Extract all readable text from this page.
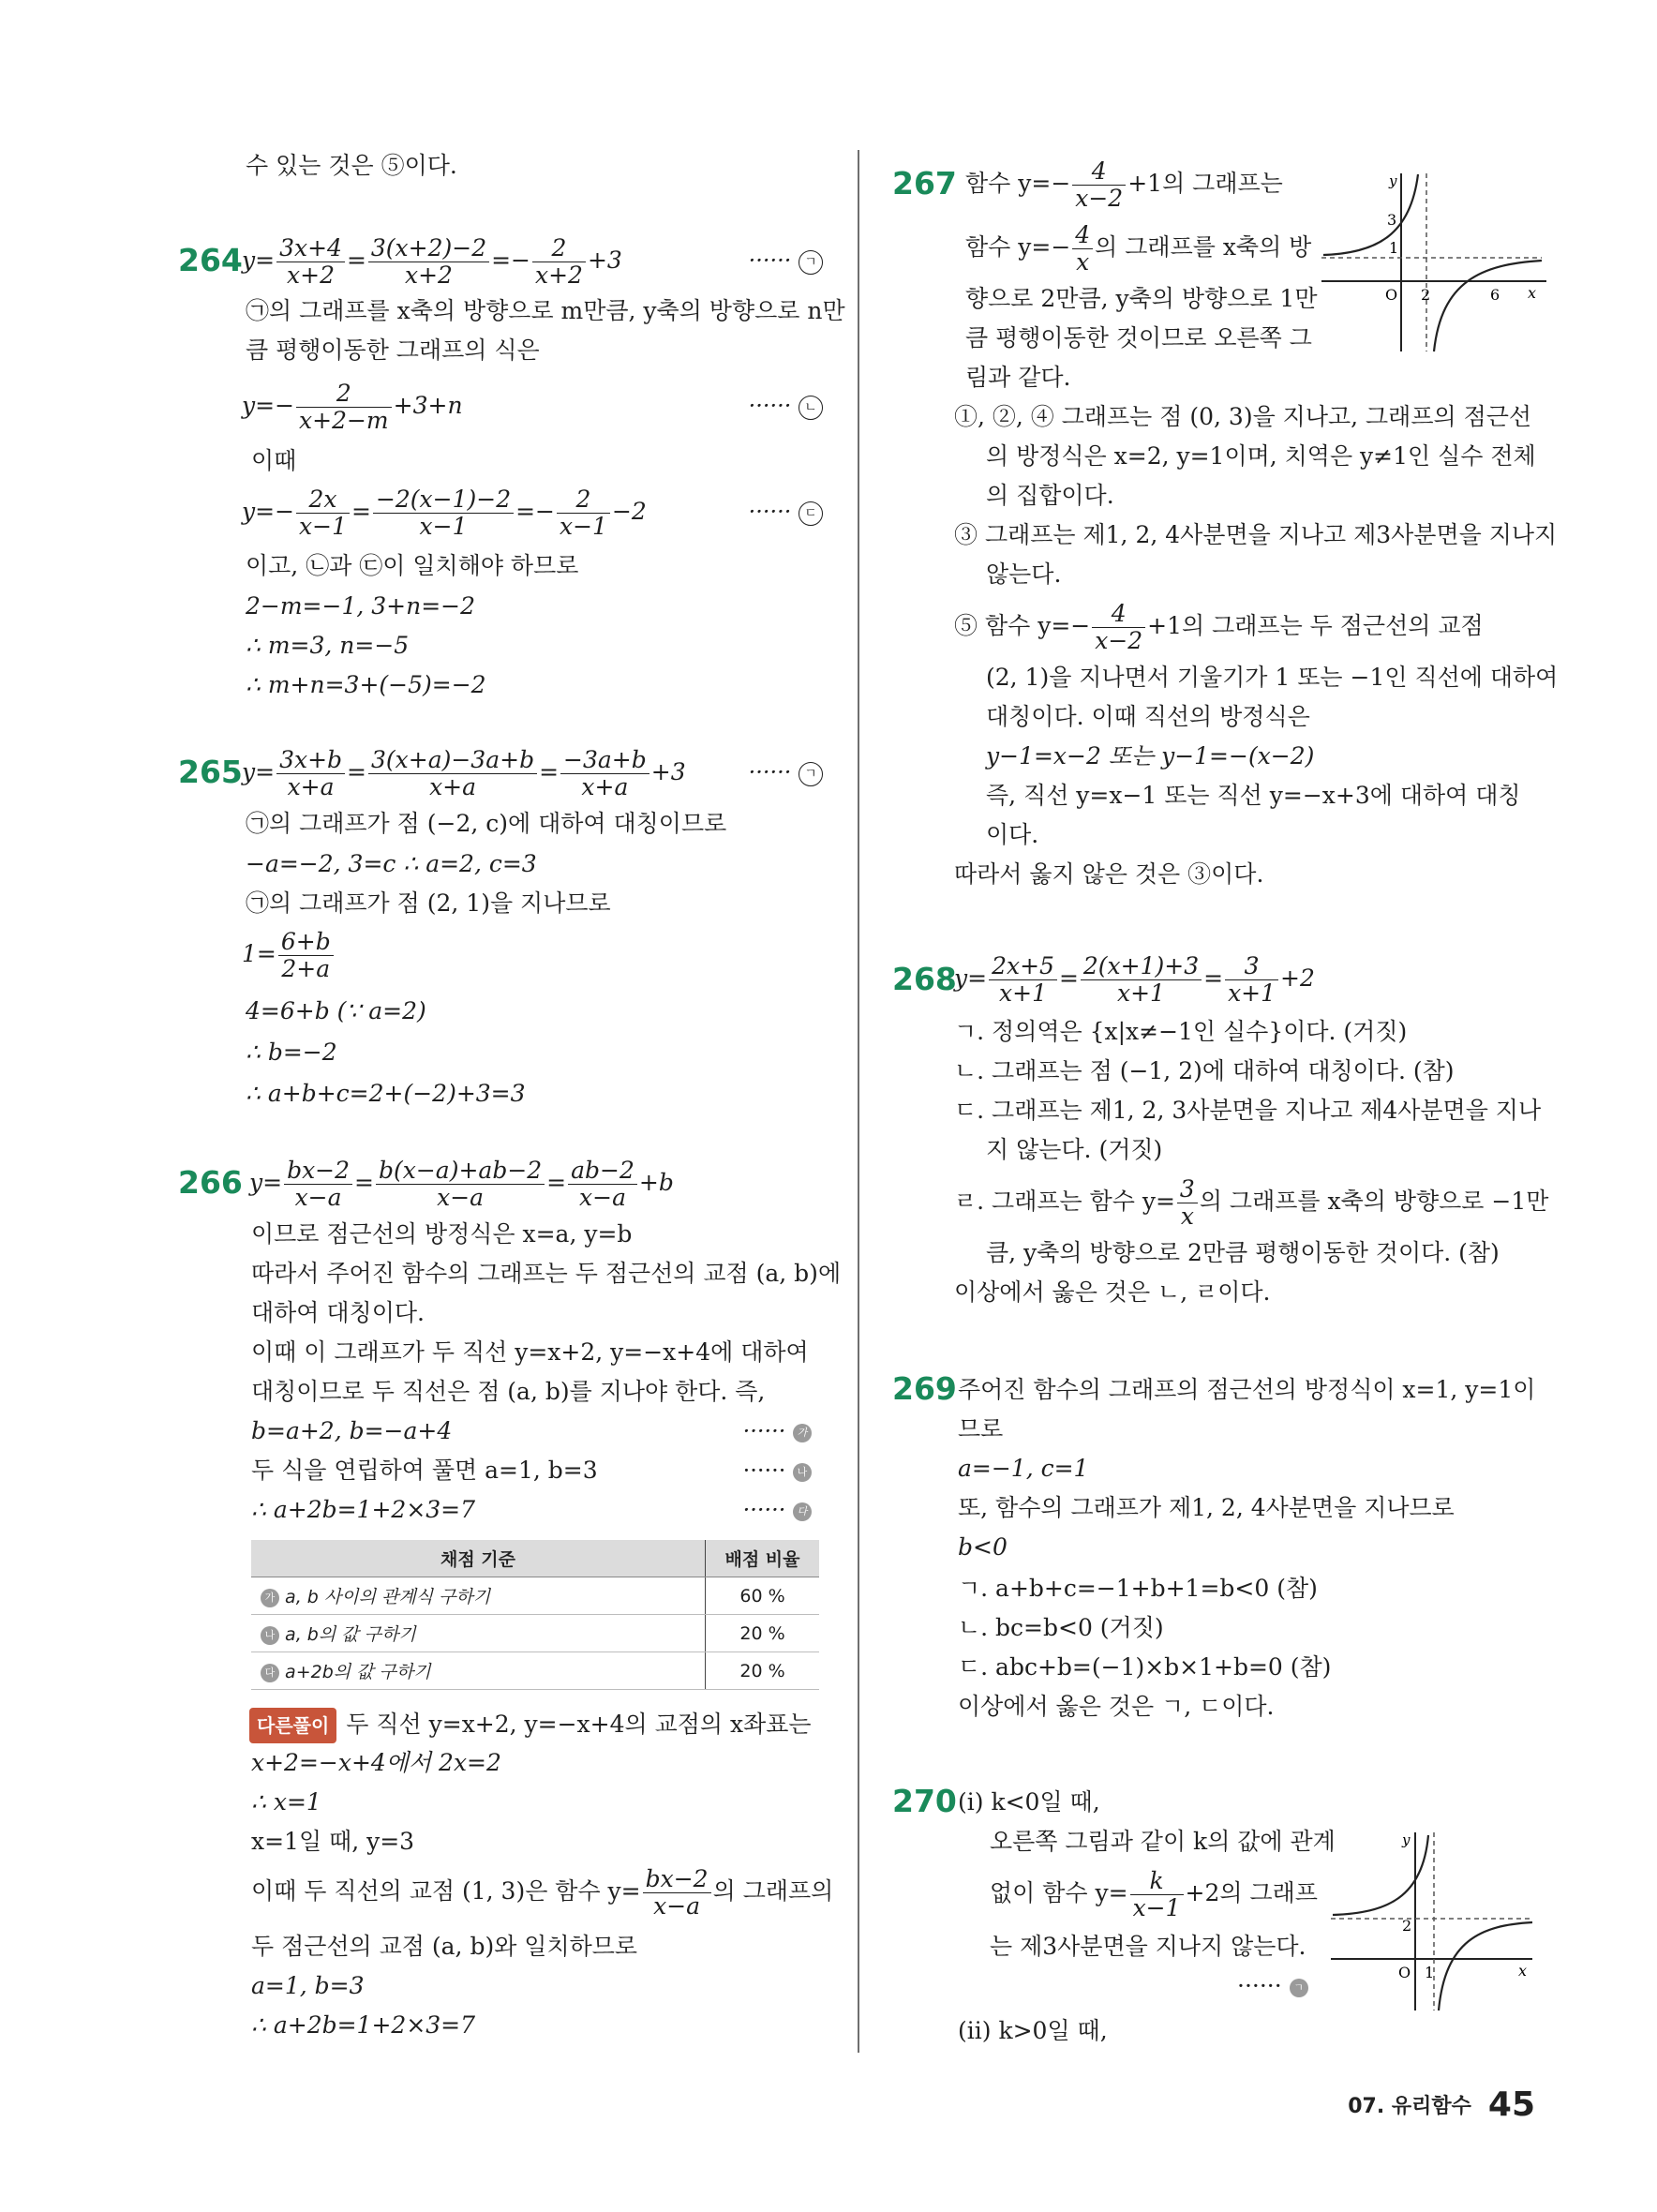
수 있는 것은 ⑤이다.
264 $y= \frac{3x+4}{x+2} = \frac{3(x+2)-2}{x+2} =- \frac{2}{x+2} +3$	······ ㄱ
㉠의 그래프를 x축의 방향으로 m만큼, y축의 방향으로 n만
큼 평행이동한 그래프의 식은
$y=- \frac{2}{x+2-m} +3+n$	······ ㄴ
이때
$y=- \frac{2x}{x-1} = \frac{-2(x-1)-2}{x-1} =- \frac{2}{x-1} -2$	······ ㄷ
이고, ㉡과 ㉢이 일치해야 하므로
2−m=−1, 3+n=−2
∴ m=3, n=−5
∴ m+n=3+(−5)=−2
265 $y= \frac{3x+b}{x+a} = \frac{3(x+a)-3a+b}{x+a} = \frac{-3a+b}{x+a} +3$	······ ㄱ
㉠의 그래프가 점 (−2, c)에 대하여 대칭이므로
−a=−2, 3=c ∴ a=2, c=3
㉠의 그래프가 점 (2, 1)을 지나므로
$1= \frac{6+b}{2+a}$
4=6+b (∵ a=2)
∴ b=−2
∴ a+b+c=2+(−2)+3=3
266 $y= \frac{bx-2}{x-a} = \frac{b(x-a)+ab-2}{x-a} = \frac{ab-2}{x-a} +b$
이므로 점근선의 방정식은 x=a, y=b
따라서 주어진 함수의 그래프는 두 점근선의 교점 (a, b)에
대하여 대칭이다.
이때 이 그래프가 두 직선 y=x+2, y=−x+4에 대하여
대칭이므로 두 직선은 점 (a, b)를 지나야 한다. 즉,
b=a+2, b=−a+4	······ 가
두 식을 연립하여 풀면 a=1, b=3	······ 나
∴ a+2b=1+2×3=7	······ 다
채점 기준	배점 비율
가 a, b 사이의 관계식 구하기	60 %
나 a, b의 값 구하기	20 %
다 a+2b의 값 구하기	20 %
다른풀이 두 직선 y=x+2, y=−x+4의 교점의 x좌표는
x+2=−x+4에서 2x=2
∴ x=1
x=1일 때, y=3
이때 두 직선의 교점 (1, 3)은 함수 $y= \frac{bx-2}{x-a}$ 의 그래프의
두 점근선의 교점 (a, b)와 일치하므로
a=1, b=3
∴ a+2b=1+2×3=7
267 함수 $y=- \frac{4}{x-2} +1$의 그래프는
함수 $y=- \frac{4}{x}$ 의 그래프를 x축의 방
향으로 2만큼, y축의 방향으로 1만
큼 평행이동한 것이므로 오른쪽 그
림과 같다.
y
3
1
O 2	6 x
①, ②, ④ 그래프는 점 (0, 3)을 지나고, 그래프의 점근선
의 방정식은 x=2, y=1이며, 치역은 y≠1인 실수 전체
의 집합이다.
③ 그래프는 제1, 2, 4사분면을 지나고 제3사분면을 지나지
않는다.
⑤ 함수 $y=- \frac{4}{x-2} +1$의 그래프는 두 점근선의 교점
(2, 1)을 지나면서 기울기가 1 또는 −1인 직선에 대하여
대칭이다. 이때 직선의 방정식은
y−1=x−2 또는 y−1=−(x−2)
즉, 직선 y=x−1 또는 직선 y=−x+3에 대하여 대칭
이다.
따라서 옳지 않은 것은 ③이다.
268
$y= \frac{2x+5}{x+1} = \frac{2(x+1)+3}{x+1} = \frac{3}{x+1} +2$
ㄱ. 정의역은 {x|x≠−1인 실수}이다. (거짓)
ㄴ. 그래프는 점 (−1, 2)에 대하여 대칭이다. (참)
ㄷ. 그래프는 제1, 2, 3사분면을 지나고 제4사분면을 지나
지 않는다. (거짓)
ㄹ. 그래프는 함수 $y= \frac{3}{x}$ 의 그래프를 x축의 방향으로 −1만
큼, y축의 방향으로 2만큼 평행이동한 것이다. (참)
이상에서 옳은 것은 ㄴ, ㄹ이다.
269 주어진 함수의 그래프의 점근선의 방정식이 x=1, y=1이
므로
a=−1, c=1
또, 함수의 그래프가 제1, 2, 4사분면을 지나므로
b<0
ㄱ. a+b+c=−1+b+1=b<0 (참)
ㄴ. bc=b<0 (거짓)
ㄷ. abc+b=(−1)×b×1+b=0 (참)
이상에서 옳은 것은 ㄱ, ㄷ이다.
270 (i) k<0일 때,
오른쪽 그림과 같이 k의 값에 관계
없이 함수 $y= \frac{k}{x-1} +2$의 그래프
는 제3사분면을 지나지 않는다.
······ ㄱ
(ii) k>0일 때,
y
2
O 1	x
07. 유리함수 45
